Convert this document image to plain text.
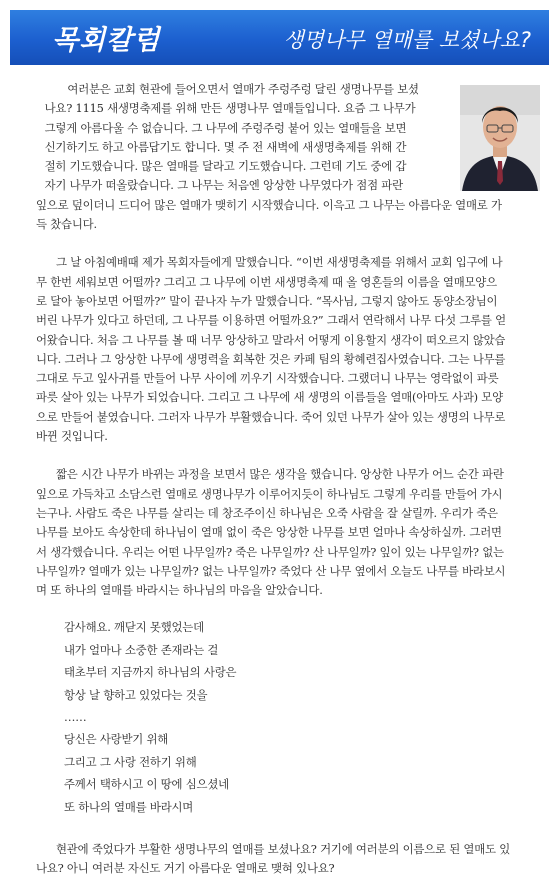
목회칼럼	생명나무 열매를 보셨나요?
여러분은 교회 현관에 들어오면서 열매가 주렁주렁 달린 생명나무를 보셨
나요? 1115 새생명축제를 위해 만든 생명나무 열매들입니다. 요즘 그 나무가
그렇게 아름다울 수 없습니다. 그 나무에 주렁주렁 붙어 있는 열매들을 보면
신기하기도 하고 아름답기도 합니다. 몇 주 전 새벽에 새생명축제를 위해 간
절히 기도했습니다. 많은 열매를 달라고 기도했습니다. 그런데 기도 중에 갑
자기 나무가 떠올랐습니다. 그 나무는 처음엔 앙상한 나무였다가 점점 파란
잎으로 덮이더니 드디어 많은 열매가 맺히기 시작했습니다. 이윽고 그 나무는 아름다운 열매로 가
득 찼습니다.
그 날 아침예배때 제가 목회자들에게 말했습니다. “이번 새생명축제를 위해서 교회 입구에 나
무 한번 세워보면 어떨까? 그리고 그 나무에 이번 새생명축제 때 올 영혼들의 이름을 열매모양으
로 달아 놓아보면 어떨까?” 말이 끝나자 누가 말했습니다. “목사님, 그렇지 않아도 동양소장님이
버린 나무가 있다고 하던데, 그 나무를 이용하면 어떨까요?” 그래서 연락해서 나무 다섯 그루를 얻
어왔습니다. 처음 그 나무를 볼 때 너무 앙상하고 말라서 어떻게 이용할지 생각이 떠오르지 않았습
니다. 그러나 그 앙상한 나무에 생명력을 회복한 것은 카페 팀의 황혜련집사였습니다. 그는 나무를
그대로 두고 잎사귀를 만들어 나무 사이에 끼우기 시작했습니다. 그랬더니 나무는 영락없이 파릇
파릇 살아 있는 나무가 되었습니다. 그리고 그 나무에 새 생명의 이름들을 열매(아마도 사과) 모양
으로 만들어 붙였습니다. 그러자 나무가 부활했습니다. 죽어 있던 나무가 살아 있는 생명의 나무로
바뀐 것입니다.
짧은 시간 나무가 바뀌는 과정을 보면서 많은 생각을 했습니다. 앙상한 나무가 어느 순간 파란
잎으로 가득차고 소담스런 열매로 생명나무가 이루어지듯이 하나님도 그렇게 우리를 만들어 가시
는구나. 사람도 죽은 나무를 살리는 데 창조주이신 하나님은 오죽 사람을 잘 살릴까. 우리가 죽은
나무를 보아도 속상한데 하나님이 열매 없이 죽은 앙상한 나무를 보면 얼마나 속상하실까. 그러면
서 생각했습니다. 우리는 어떤 나무일까? 죽은 나무일까? 산 나무일까? 잎이 있는 나무일까? 없는
나무일까? 열매가 있는 나무일까? 없는 나무일까? 죽었다 산 나무 옆에서 오늘도 나무를 바라보시
며 또 하나의 열매를 바라시는 하나님의 마음을 알았습니다.
감사해요. 깨닫지 못했었는데
내가 얼마나 소중한 존재라는 걸
태초부터 지금까지 하나님의 사랑은
항상 날 향하고 있었다는 것을
……
당신은 사랑받기 위해
그리고 그 사랑 전하기 위해
주께서 택하시고 이 땅에 심으셨네
또 하나의 열매를 바라시며
현관에 죽었다가 부활한 생명나무의 열매를 보셨나요? 거기에 여러분의 이름으로 된 열매도 있
나요? 아니 여러분 자신도 거기 아름다운 열매로 맺혀 있나요?
